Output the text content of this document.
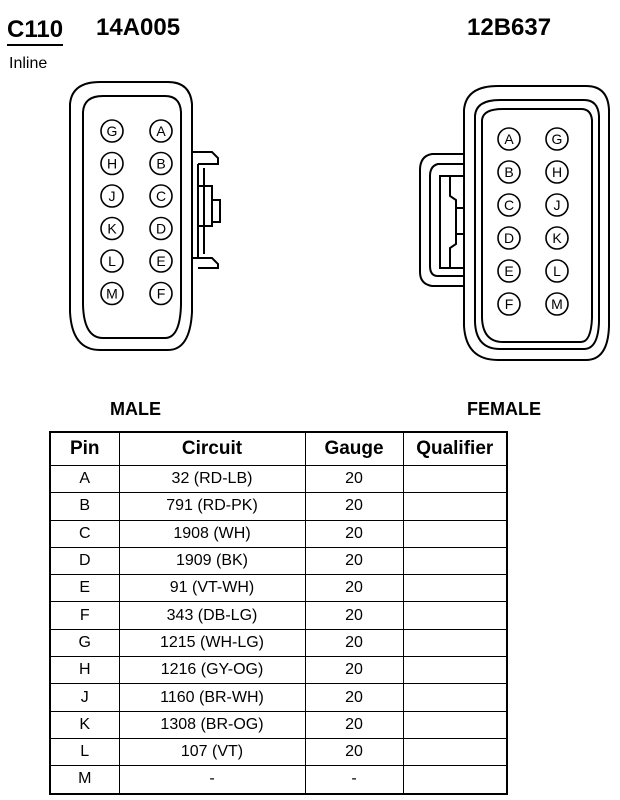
C110
Inline
14A005	12B637
G
H
J
K
L
M
A
B
C
D
E
F
A
B
C
D
E
F
G
H
J
K
L
M
MALE	FEMALE
Pin	Circuit	Gauge	Qualifier
A	32 (RD-LB)	20	
B	791 (RD-PK)	20	
C	1908 (WH)	20	
D	1909 (BK)	20	
E	91 (VT-WH)	20	
F	343 (DB-LG)	20	
G	1215 (WH-LG)	20	
H	1216 (GY-OG)	20	
J	1160 (BR-WH)	20	
K	1308 (BR-OG)	20	
L	107 (VT)	20	
M	-	-	
